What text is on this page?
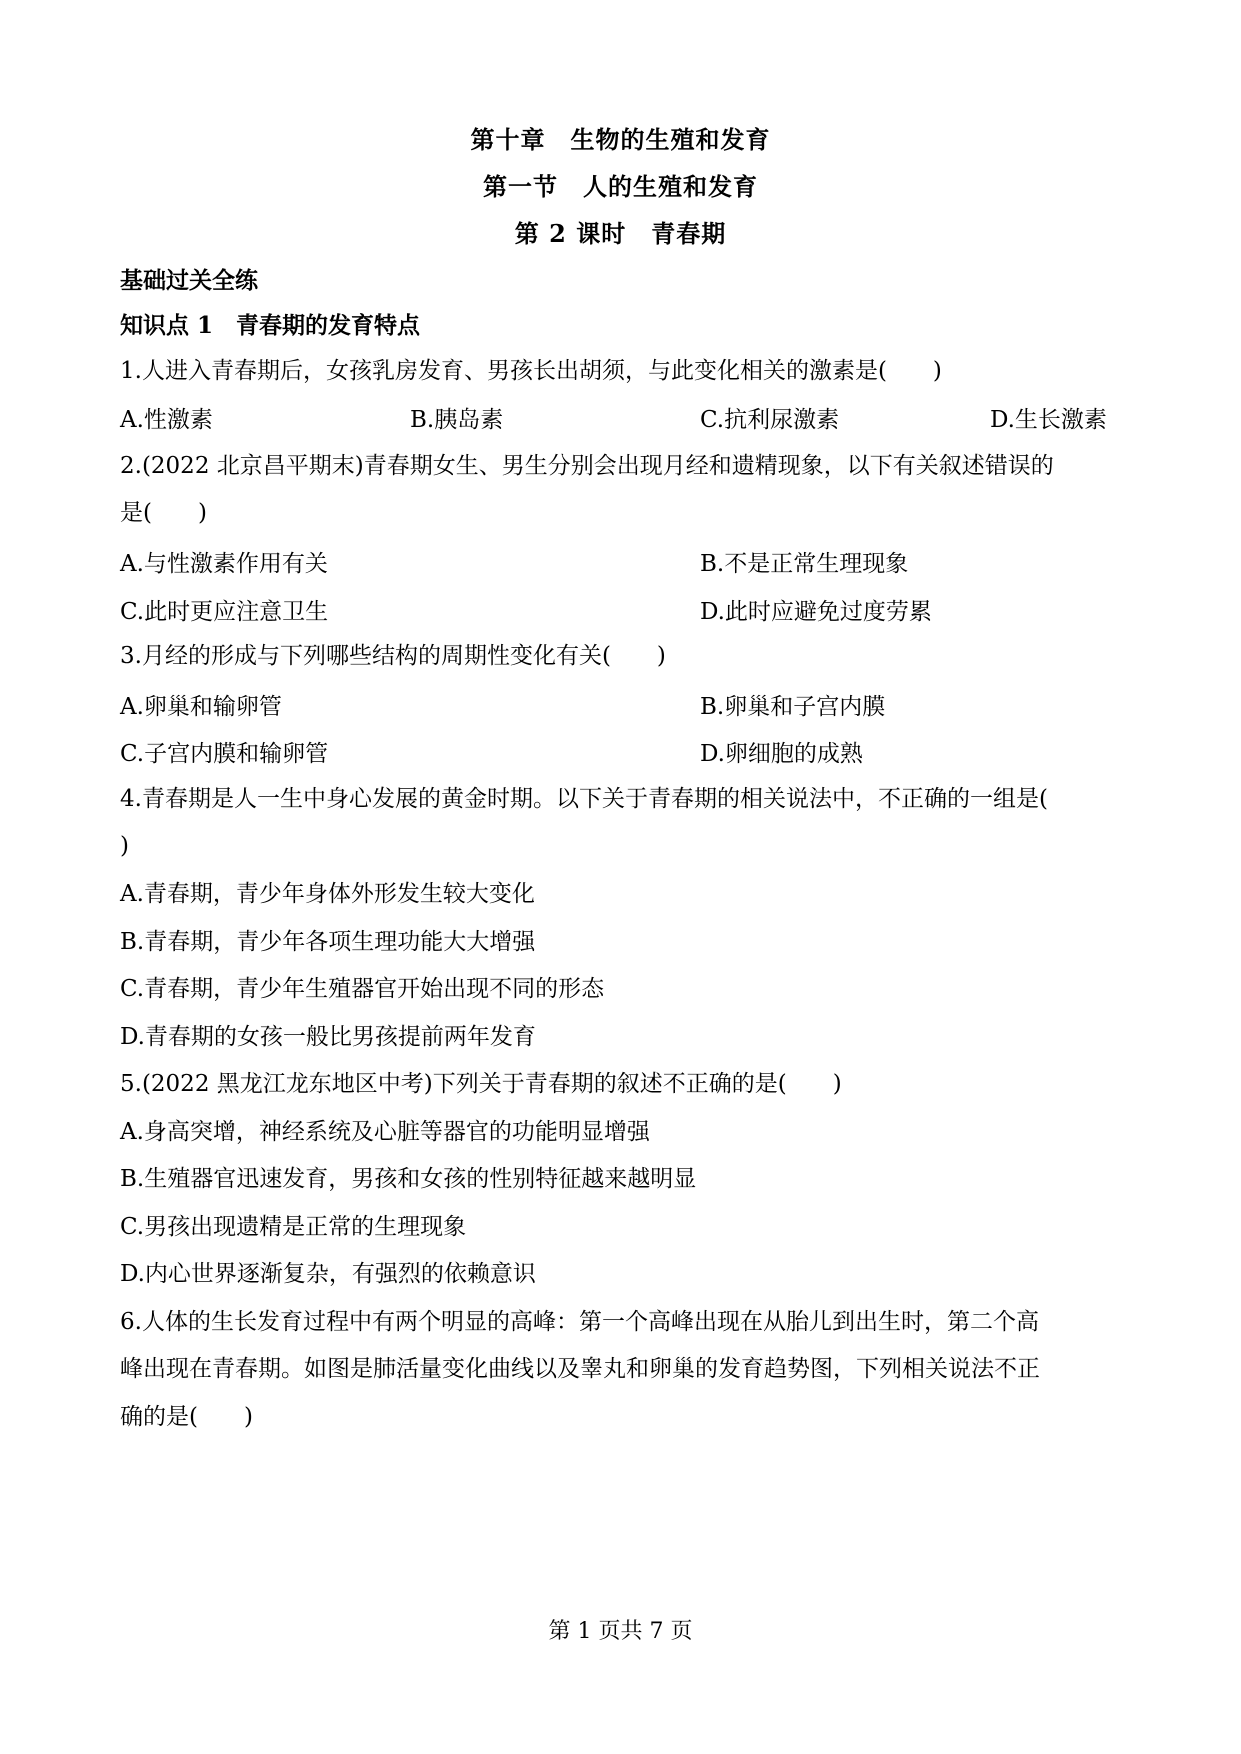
第十章　生物的生殖和发育
第一节　人的生殖和发育
第 2 课时　青春期
基础过关全练
知识点 1　青春期的发育特点
1.人进入青春期后，女孩乳房发育、男孩长出胡须，与此变化相关的激素是(　　)
A.性激素	B.胰岛素	C.抗利尿激素	D.生长激素
2.(2022 北京昌平期末)青春期女生、男生分别会出现月经和遗精现象，以下有关叙述错误的
是(　　)
A.与性激素作用有关	B.不是正常生理现象
C.此时更应注意卫生	D.此时应避免过度劳累
3.月经的形成与下列哪些结构的周期性变化有关(　　)
A.卵巢和输卵管	B.卵巢和子宫内膜
C.子宫内膜和输卵管	D.卵细胞的成熟
4.青春期是人一生中身心发展的黄金时期。以下关于青春期的相关说法中，不正确的一组是(
)
A.青春期，青少年身体外形发生较大变化
B.青春期，青少年各项生理功能大大增强
C.青春期，青少年生殖器官开始出现不同的形态
D.青春期的女孩一般比男孩提前两年发育
5.(2022 黑龙江龙东地区中考)下列关于青春期的叙述不正确的是(　　)
A.身高突增，神经系统及心脏等器官的功能明显增强
B.生殖器官迅速发育，男孩和女孩的性别特征越来越明显
C.男孩出现遗精是正常的生理现象
D.内心世界逐渐复杂，有强烈的依赖意识
6.人体的生长发育过程中有两个明显的高峰：第一个高峰出现在从胎儿到出生时，第二个高
峰出现在青春期。如图是肺活量变化曲线以及睾丸和卵巢的发育趋势图，下列相关说法不正
确的是(　　)
第 1 页共 7 页
